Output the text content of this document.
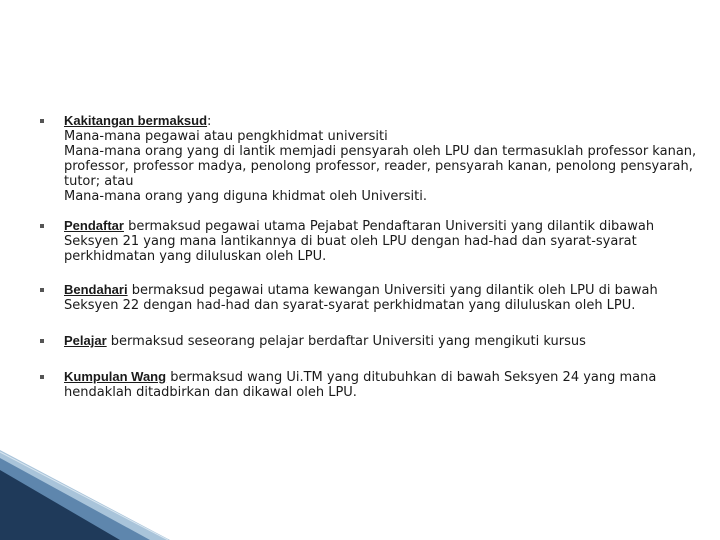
Kakitangan bermaksud:
Mana-mana pegawai atau pengkhidmat universiti
Mana-mana orang yang di lantik memjadi pensyarah oleh LPU dan termasuklah professor kanan, professor, professor madya, penolong professor, reader, pensyarah kanan, penolong pensyarah, tutor; atau
Mana-mana orang yang diguna khidmat oleh Universiti.
Pendaftar bermaksud pegawai utama Pejabat Pendaftaran Universiti yang dilantik dibawah Seksyen 21 yang mana lantikannya di buat oleh LPU dengan had-had dan syarat-syarat perkhidmatan yang diluluskan oleh LPU.
Bendahari bermaksud pegawai utama kewangan Universiti yang dilantik oleh LPU di bawah Seksyen 22 dengan had-had dan syarat-syarat perkhidmatan yang diluluskan oleh LPU.
Pelajar bermaksud seseorang pelajar berdaftar Universiti yang mengikuti kursus
Kumpulan Wang bermaksud wang Ui.TM yang ditubuhkan di bawah Seksyen 24 yang mana hendaklah ditadbirkan dan dikawal oleh LPU.
